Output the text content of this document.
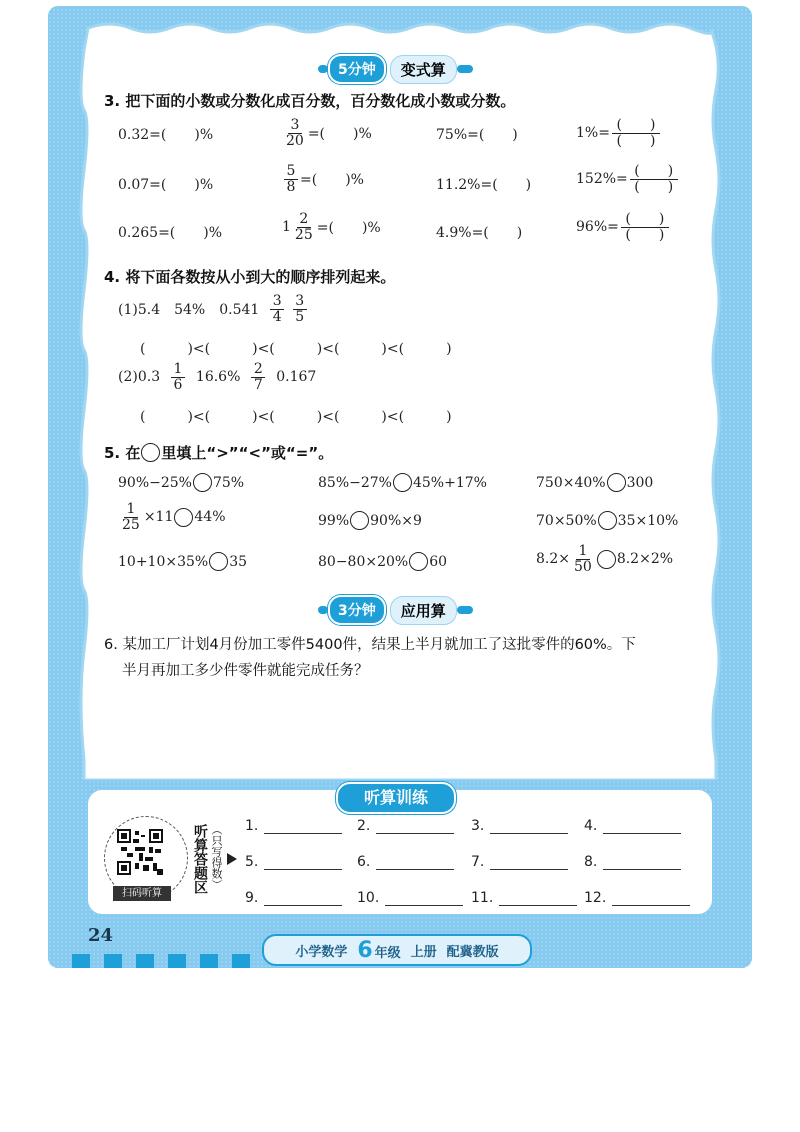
5分钟	变式算
3. 把下面的小数或分数化成百分数，百分数化成小数或分数。
0.32=(　　)%	$\frac{3}{20}$ =(　　)%	75%=(　　)	$1\%= \frac{( )}{( )}$
0.07=(　　)%	$\frac{5}{8}$ =(　　)%	11.2%=(　　)	$152\%= \frac{( )}{( )}$
0.265=(　　)%	$1 \frac{2}{25}$ =(　　)%	4.9%=(　　)	$96\%= \frac{( )}{( )}$
4. 将下面各数按从小到大的顺序排列起来。
(1)5.4　54%　0.541
$\frac{3}{4}$
$\frac{3}{5}$
(　　　)<(　　　)<(　　　)<(　　　)<(　　　)
(2)0.3
$\frac{1}{6}$
16.6%
$\frac{2}{7}$
0.167
(　　　)<(　　　)<(　　　)<(　　　)<(　　　)
5. 在 里填上“>”“<”或“=”。
90%−25% 75%	85%−27% 45%+17%	750×40% 300
$\frac{1}{25} \times 11$ 44%	99% 90%×9	70×50% 35×10%
10+10×35% 35	80−80×20% 60	$8.2\times \frac{1}{50} 8.2\times 2\%$
3分钟	应用算
6. 某加工厂计划4月份加工零件5400件，结果上半月就加工了这批零件的60%。下
半月再加工多少件零件就能完成任务？
听算训练
扫码听算	听算答题区 （只写得数） 1.	2.	3.	4.
5.	6.	7.	8.
9.	10.	11.	12.
24
小学数学 6 年级 上册 配冀教版
